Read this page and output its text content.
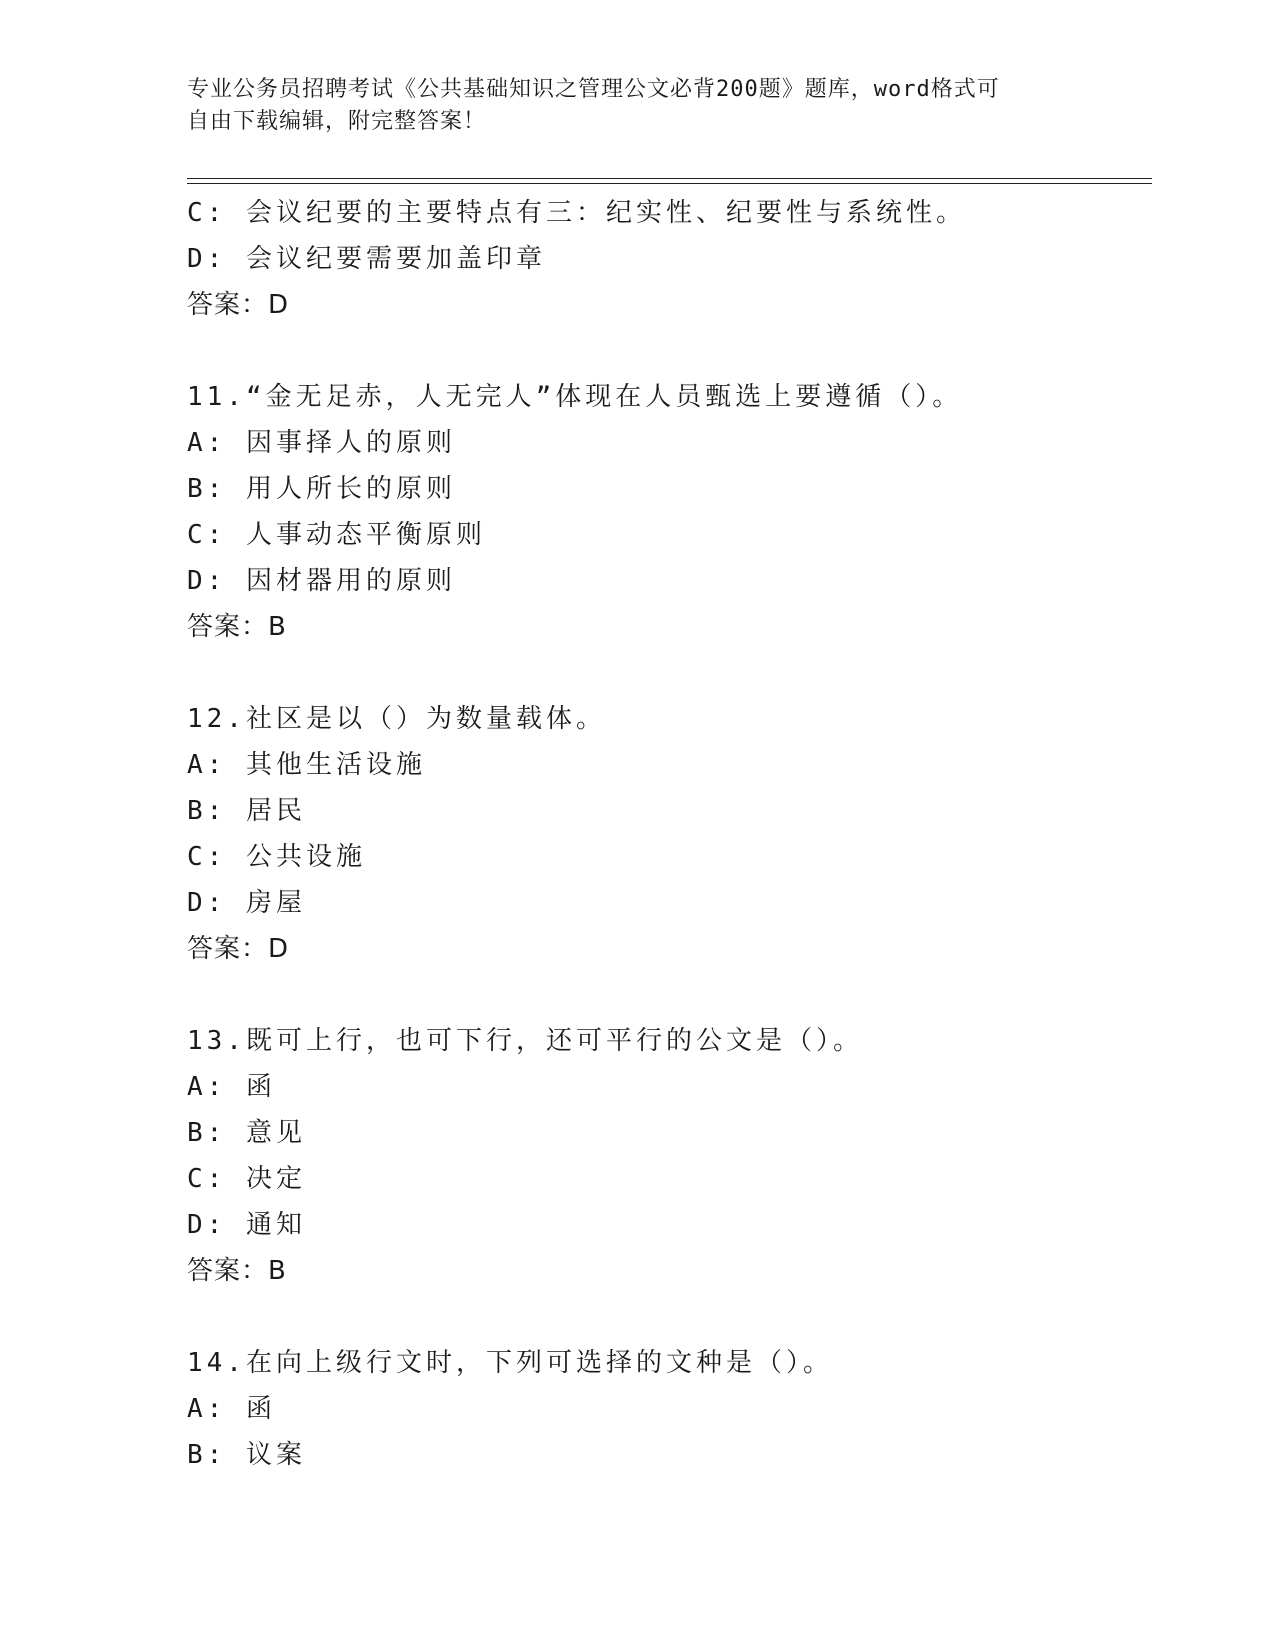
专业公务员招聘考试《公共基础知识之管理公文必背200题》题库，word格式可
自由下载编辑，附完整答案！
C: 会议纪要的主要特点有三：纪实性、纪要性与系统性。
D: 会议纪要需要加盖印章
答案：D
11.“金无足赤，人无完人”体现在人员甄选上要遵循（）。
A: 因事择人的原则
B: 用人所长的原则
C: 人事动态平衡原则
D: 因材器用的原则
答案：B
12.社区是以（）为数量载体。
A: 其他生活设施
B: 居民
C: 公共设施
D: 房屋
答案：D
13.既可上行，也可下行，还可平行的公文是（）。
A: 函
B: 意见
C: 决定
D: 通知
答案：B
14.在向上级行文时，下列可选择的文种是（）。
A: 函
B: 议案
